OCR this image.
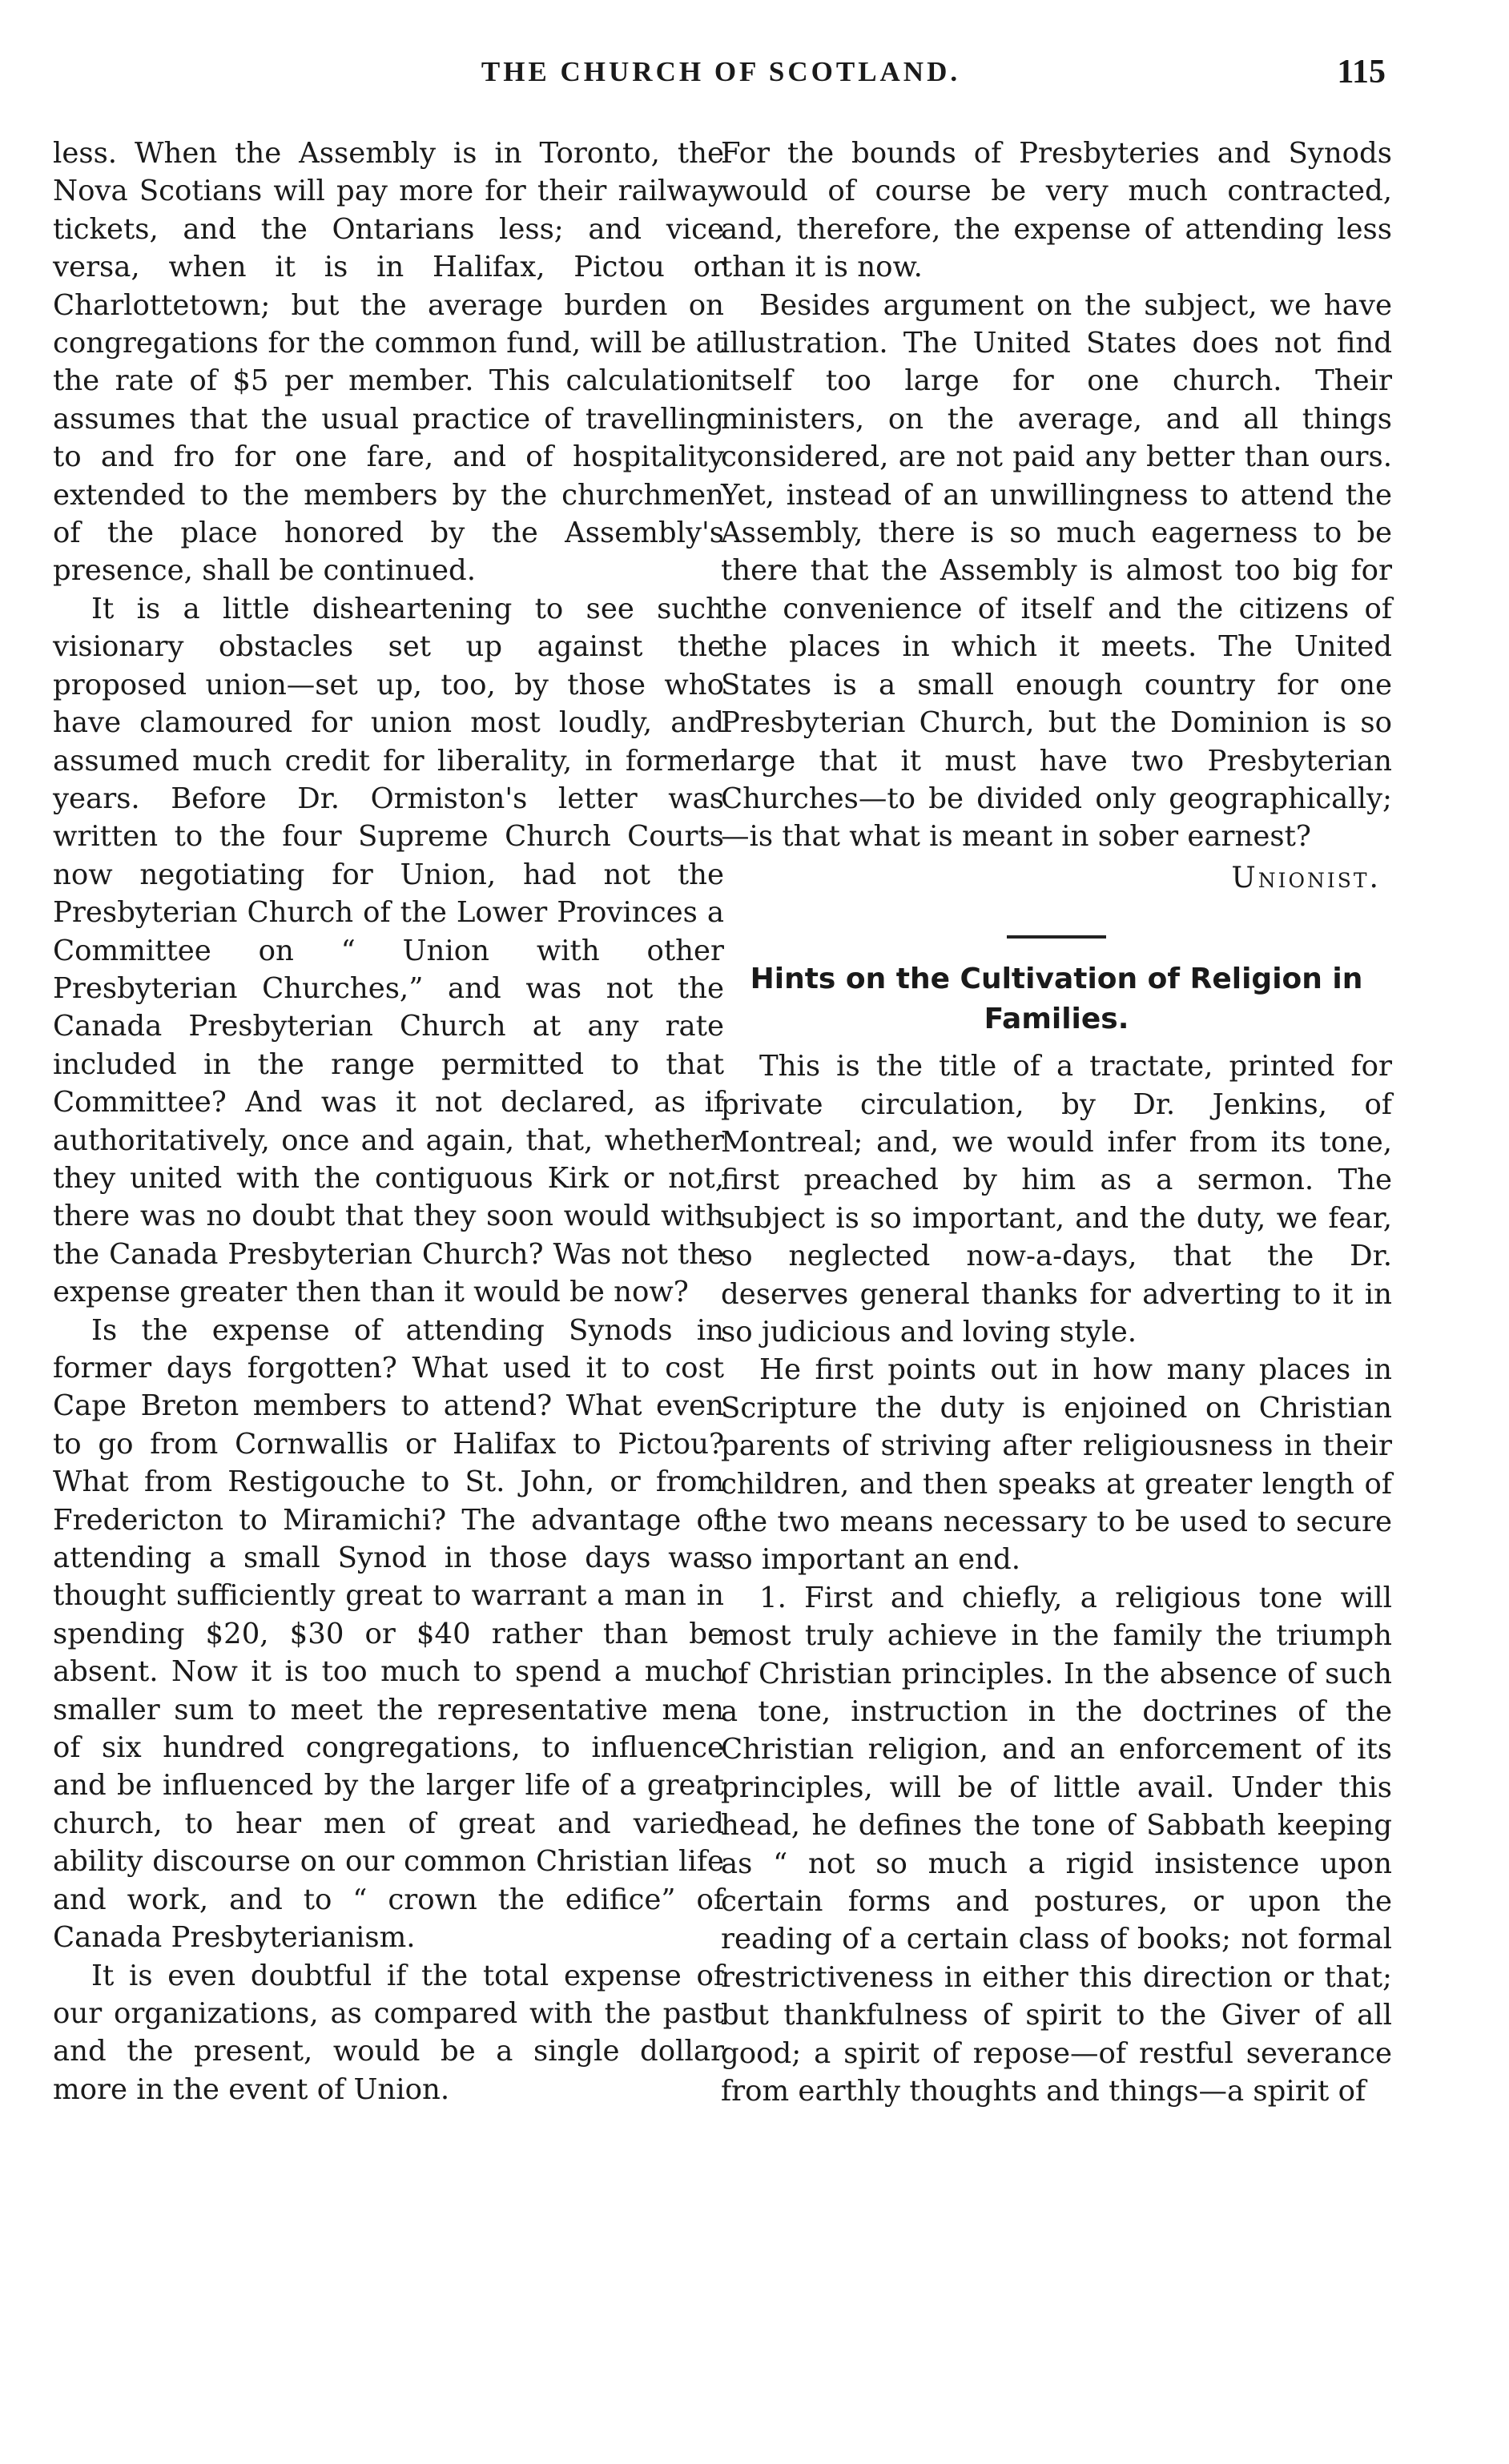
THE CHURCH OF SCOTLAND.	115

less. When the Assembly is in Toronto, the Nova Scotians will pay more for their railway tickets, and the Ontarians less; and vice versa, when it is in Halifax, Pictou or Charlottetown; but the average burden on congregations for the common fund, will be at the rate of $5 per member. This calculation assumes that the usual practice of travelling to and fro for one fare, and of hospitality extended to the members by the churchmen of the place honored by the Assembly's presence, shall be continued.

It is a little disheartening to see such visionary obstacles set up against the proposed union—set up, too, by those who have clamoured for union most loudly, and assumed much credit for liberality, in former years. Before Dr. Ormiston's letter was written to the four Supreme Church Courts now negotiating for Union, had not the Presbyterian Church of the Lower Provinces a Committee on “ Union with other Presbyterian Churches,” and was not the Canada Presbyterian Church at any rate included in the range permitted to that Committee? And was it not declared, as if authoritatively, once and again, that, whether they united with the contiguous Kirk or not, there was no doubt that they soon would with the Canada Presbyterian Church? Was not the expense greater then than it would be now?

Is the expense of attending Synods in former days forgotten? What used it to cost Cape Breton members to attend? What even to go from Cornwallis or Halifax to Pictou? What from Restigouche to St. John, or from Fredericton to Miramichi? The advantage of attending a small Synod in those days was thought sufficiently great to warrant a man in spending $20, $30 or $40 rather than be absent. Now it is too much to spend a much smaller sum to meet the representative men of six hundred congregations, to influence and be influenced by the larger life of a great church, to hear men of great and varied ability discourse on our common Christian life and work, and to “ crown the edifice” of Canada Presbyterianism.

It is even doubtful if the total expense of our organizations, as compared with the past and the present, would be a single dollar more in the event of Union.

For the bounds of Presbyteries and Synods would of course be very much contracted, and, therefore, the expense of attending less than it is now.

Besides argument on the subject, we have illustration. The United States does not find itself too large for one church. Their ministers, on the average, and all things considered, are not paid any better than ours. Yet, instead of an unwillingness to attend the Assembly, there is so much eagerness to be there that the Assembly is almost too big for the convenience of itself and the citizens of the places in which it meets. The United States is a small enough country for one Presbyterian Church, but the Dominion is so large that it must have two Presbyterian Churches—to be divided only geographically;—is that what is meant in sober earnest?

Unionist.
Hints on the Cultivation of Religion in Families.

This is the title of a tractate, printed for private circulation, by Dr. Jenkins, of Montreal; and, we would infer from its tone, first preached by him as a sermon. The subject is so important, and the duty, we fear, so neglected now-a-days, that the Dr. deserves general thanks for adverting to it in so judicious and loving style.

He first points out in how many places in Scripture the duty is enjoined on Christian parents of striving after religiousness in their children, and then speaks at greater length of the two means necessary to be used to secure so important an end.

1. First and chiefly, a religious tone will most truly achieve in the family the triumph of Christian principles. In the absence of such a tone, instruction in the doctrines of the Christian religion, and an enforcement of its principles, will be of little avail. Under this head, he defines the tone of Sabbath keeping as “ not so much a rigid insistence upon certain forms and postures, or upon the reading of a certain class of books; not formal restrictiveness in either this direction or that; but thankfulness of spirit to the Giver of all good; a spirit of repose—of restful severance from earthly thoughts and things—a spirit of
